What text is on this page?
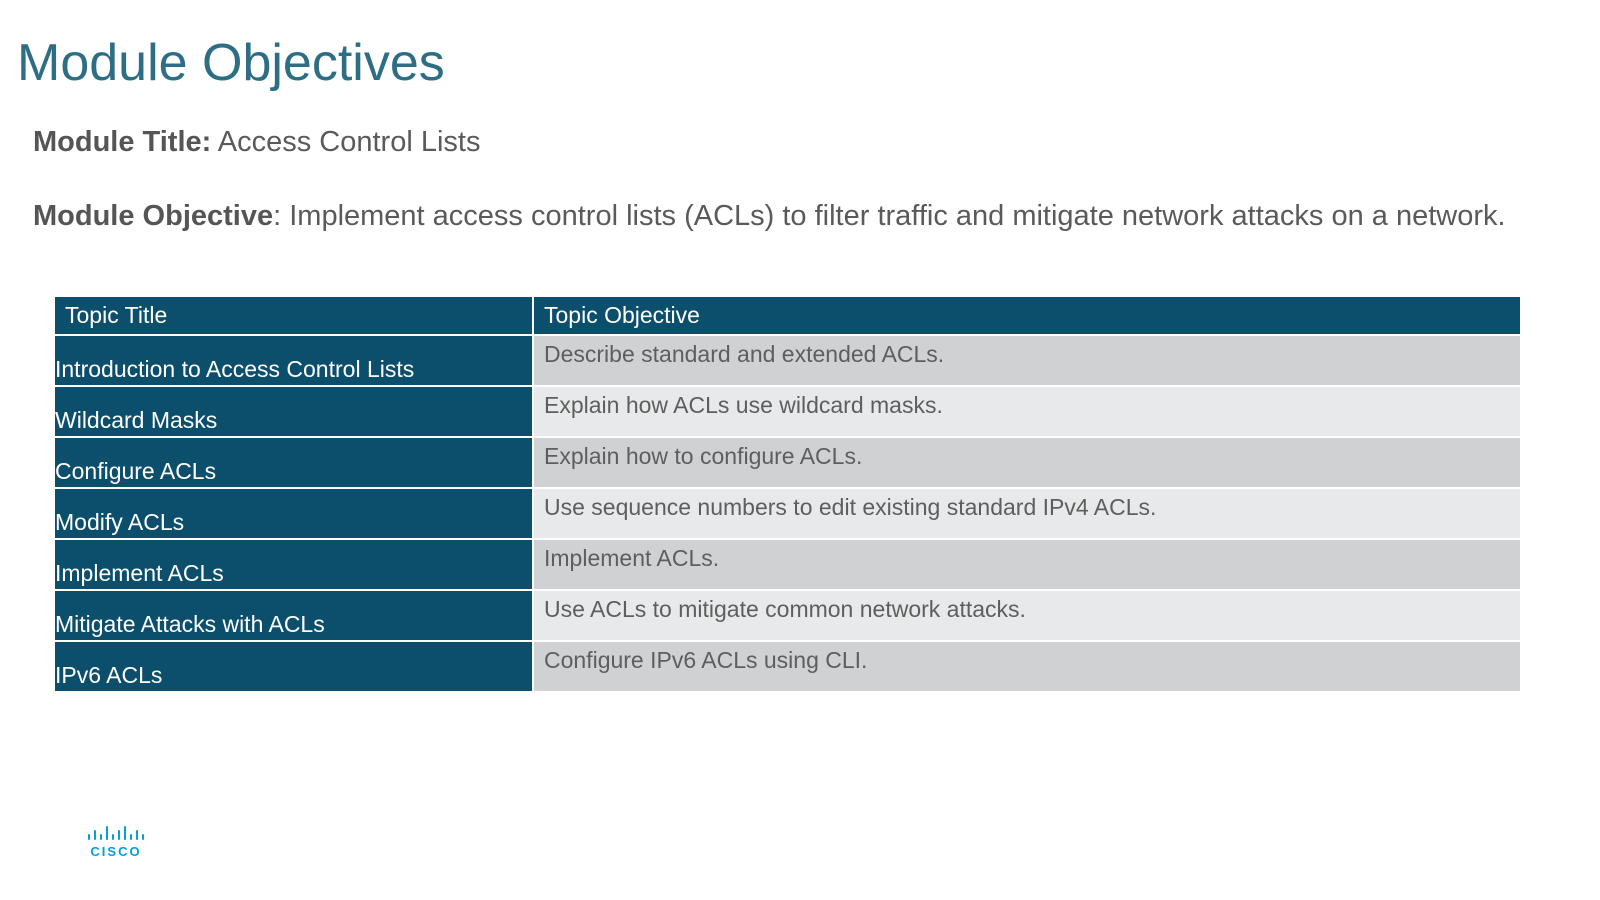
Module Objectives
Module Title: Access Control Lists
Module Objective: Implement access control lists (ACLs) to filter traffic and mitigate network attacks on a network.
Topic Title	Topic Objective
Introduction to Access Control Lists	Describe standard and extended ACLs.
Wildcard Masks	Explain how ACLs use wildcard masks.
Configure ACLs	Explain how to configure ACLs.
Modify ACLs	Use sequence numbers to edit existing standard IPv4 ACLs.
Implement ACLs	Implement ACLs.
Mitigate Attacks with ACLs	Use ACLs to mitigate common network attacks.
IPv6 ACLs	Configure IPv6 ACLs using CLI.
CISCO
